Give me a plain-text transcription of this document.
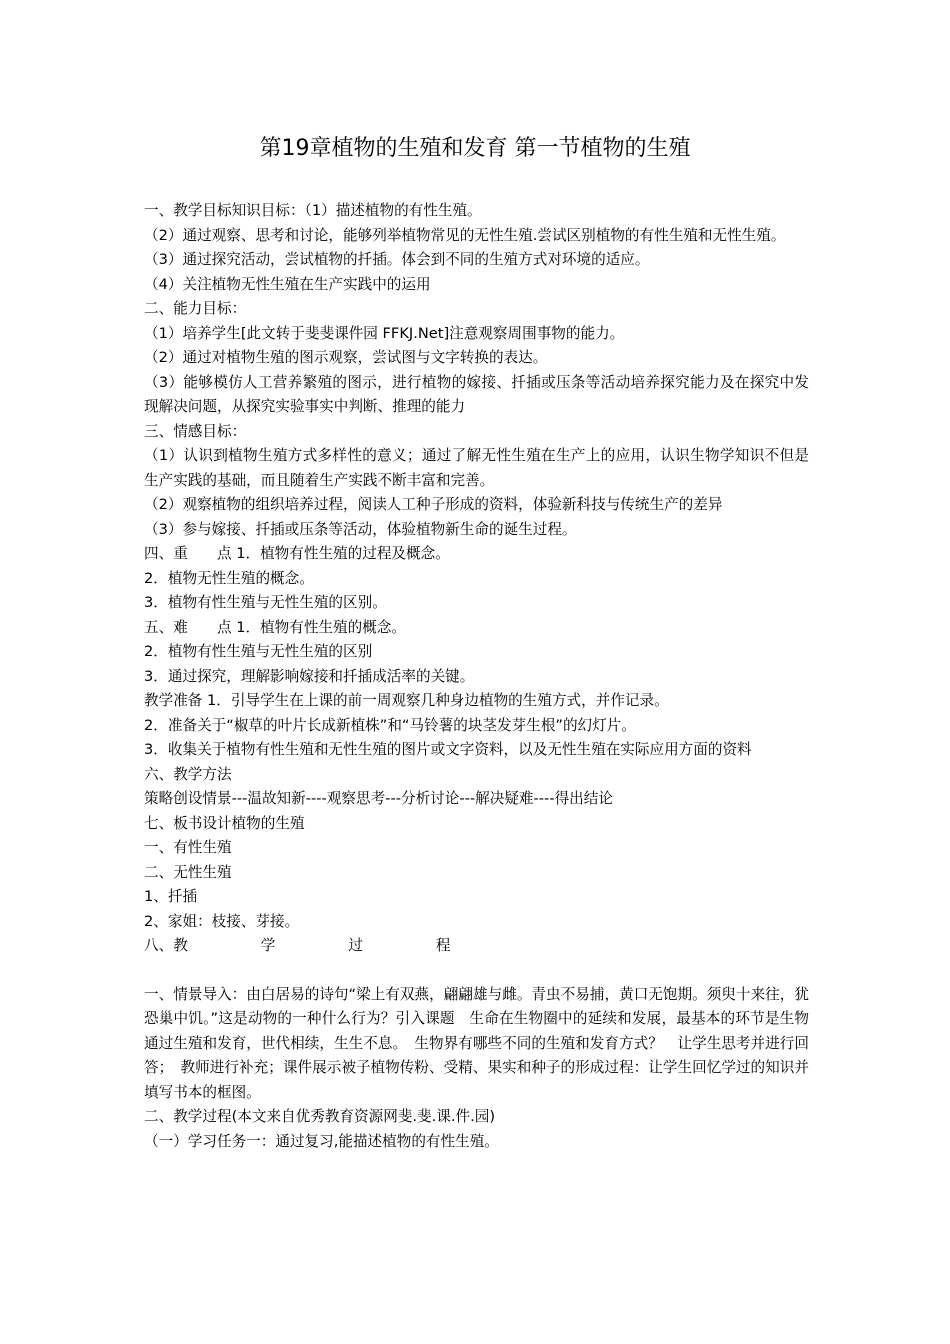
第19章植物的生殖和发育 第一节植物的生殖

一、教学目标知识目标：（1）描述植物的有性生殖。

（2）通过观察、思考和讨论，能够列举植物常见的无性生殖.尝试区别植物的有性生殖和无性生殖。

（3）通过探究活动，尝试植物的扦插。体会到不同的生殖方式对环境的适应。

（4）关注植物无性生殖在生产实践中的运用

二、能力目标：

（1）培养学生[此文转于斐斐课件园 FFKJ.Net]注意观察周围事物的能力。

（2）通过对植物生殖的图示观察，尝试图与文字转换的表达。

（3）能够模仿人工营养繁殖的图示，进行植物的嫁接、扦插或压条等活动培养探究能力及在探究中发现解决问题，从探究实验事实中判断、推理的能力

三、情感目标：

（1）认识到植物生殖方式多样性的意义；通过了解无性生殖在生产上的应用，认识生物学知识不但是生产实践的基础，而且随着生产实践不断丰富和完善。

（2）观察植物的组织培养过程，阅读人工种子形成的资料，体验新科技与传统生产的差异

（3）参与嫁接、扦插或压条等活动，体验植物新生命的诞生过程。

四、重　　点 1．植物有性生殖的过程及概念。

2．植物无性生殖的概念。

3．植物有性生殖与无性生殖的区别。

五、难　　点 1．植物有性生殖的概念。

2．植物有性生殖与无性生殖的区别

3．通过探究，理解影响嫁接和扦插成活率的关键。

教学准备 1．引导学生在上课的前一周观察几种身边植物的生殖方式，并作记录。

2．准备关于“椒草的叶片长成新植株”和“马铃薯的块茎发芽生根”的幻灯片。

3．收集关于植物有性生殖和无性生殖的图片或文字资料，以及无性生殖在实际应用方面的资料

六、教学方法

策略创设情景---温故知新----观察思考---分析讨论---解决疑难----得出结论

七、板书设计植物的生殖

一、有性生殖

二、无性生殖

1、扦插

2、家姐：枝接、芽接。

八、教　　　　　学　　　　　过　　　　　程

一、情景导入：由白居易的诗句“梁上有双燕，翩翩雄与雌。青虫不易捕，黄口无饱期。须臾十来往，犹恐巢中饥。”这是动物的一种什么行为？引入课题　生命在生物圈中的延续和发展，最基本的环节是生物通过生殖和发育，世代相续，生生不息。　生物界有哪些不同的生殖和发育方式？　让学生思考并进行回答；　教师进行补充；课件展示被子植物传粉、受精、果实和种子的形成过程：让学生回忆学过的知识并填写书本的框图。

二、教学过程(本文来自优秀教育资源网斐.斐.课.件.园)

（一）学习任务一：通过复习,能描述植物的有性生殖。
